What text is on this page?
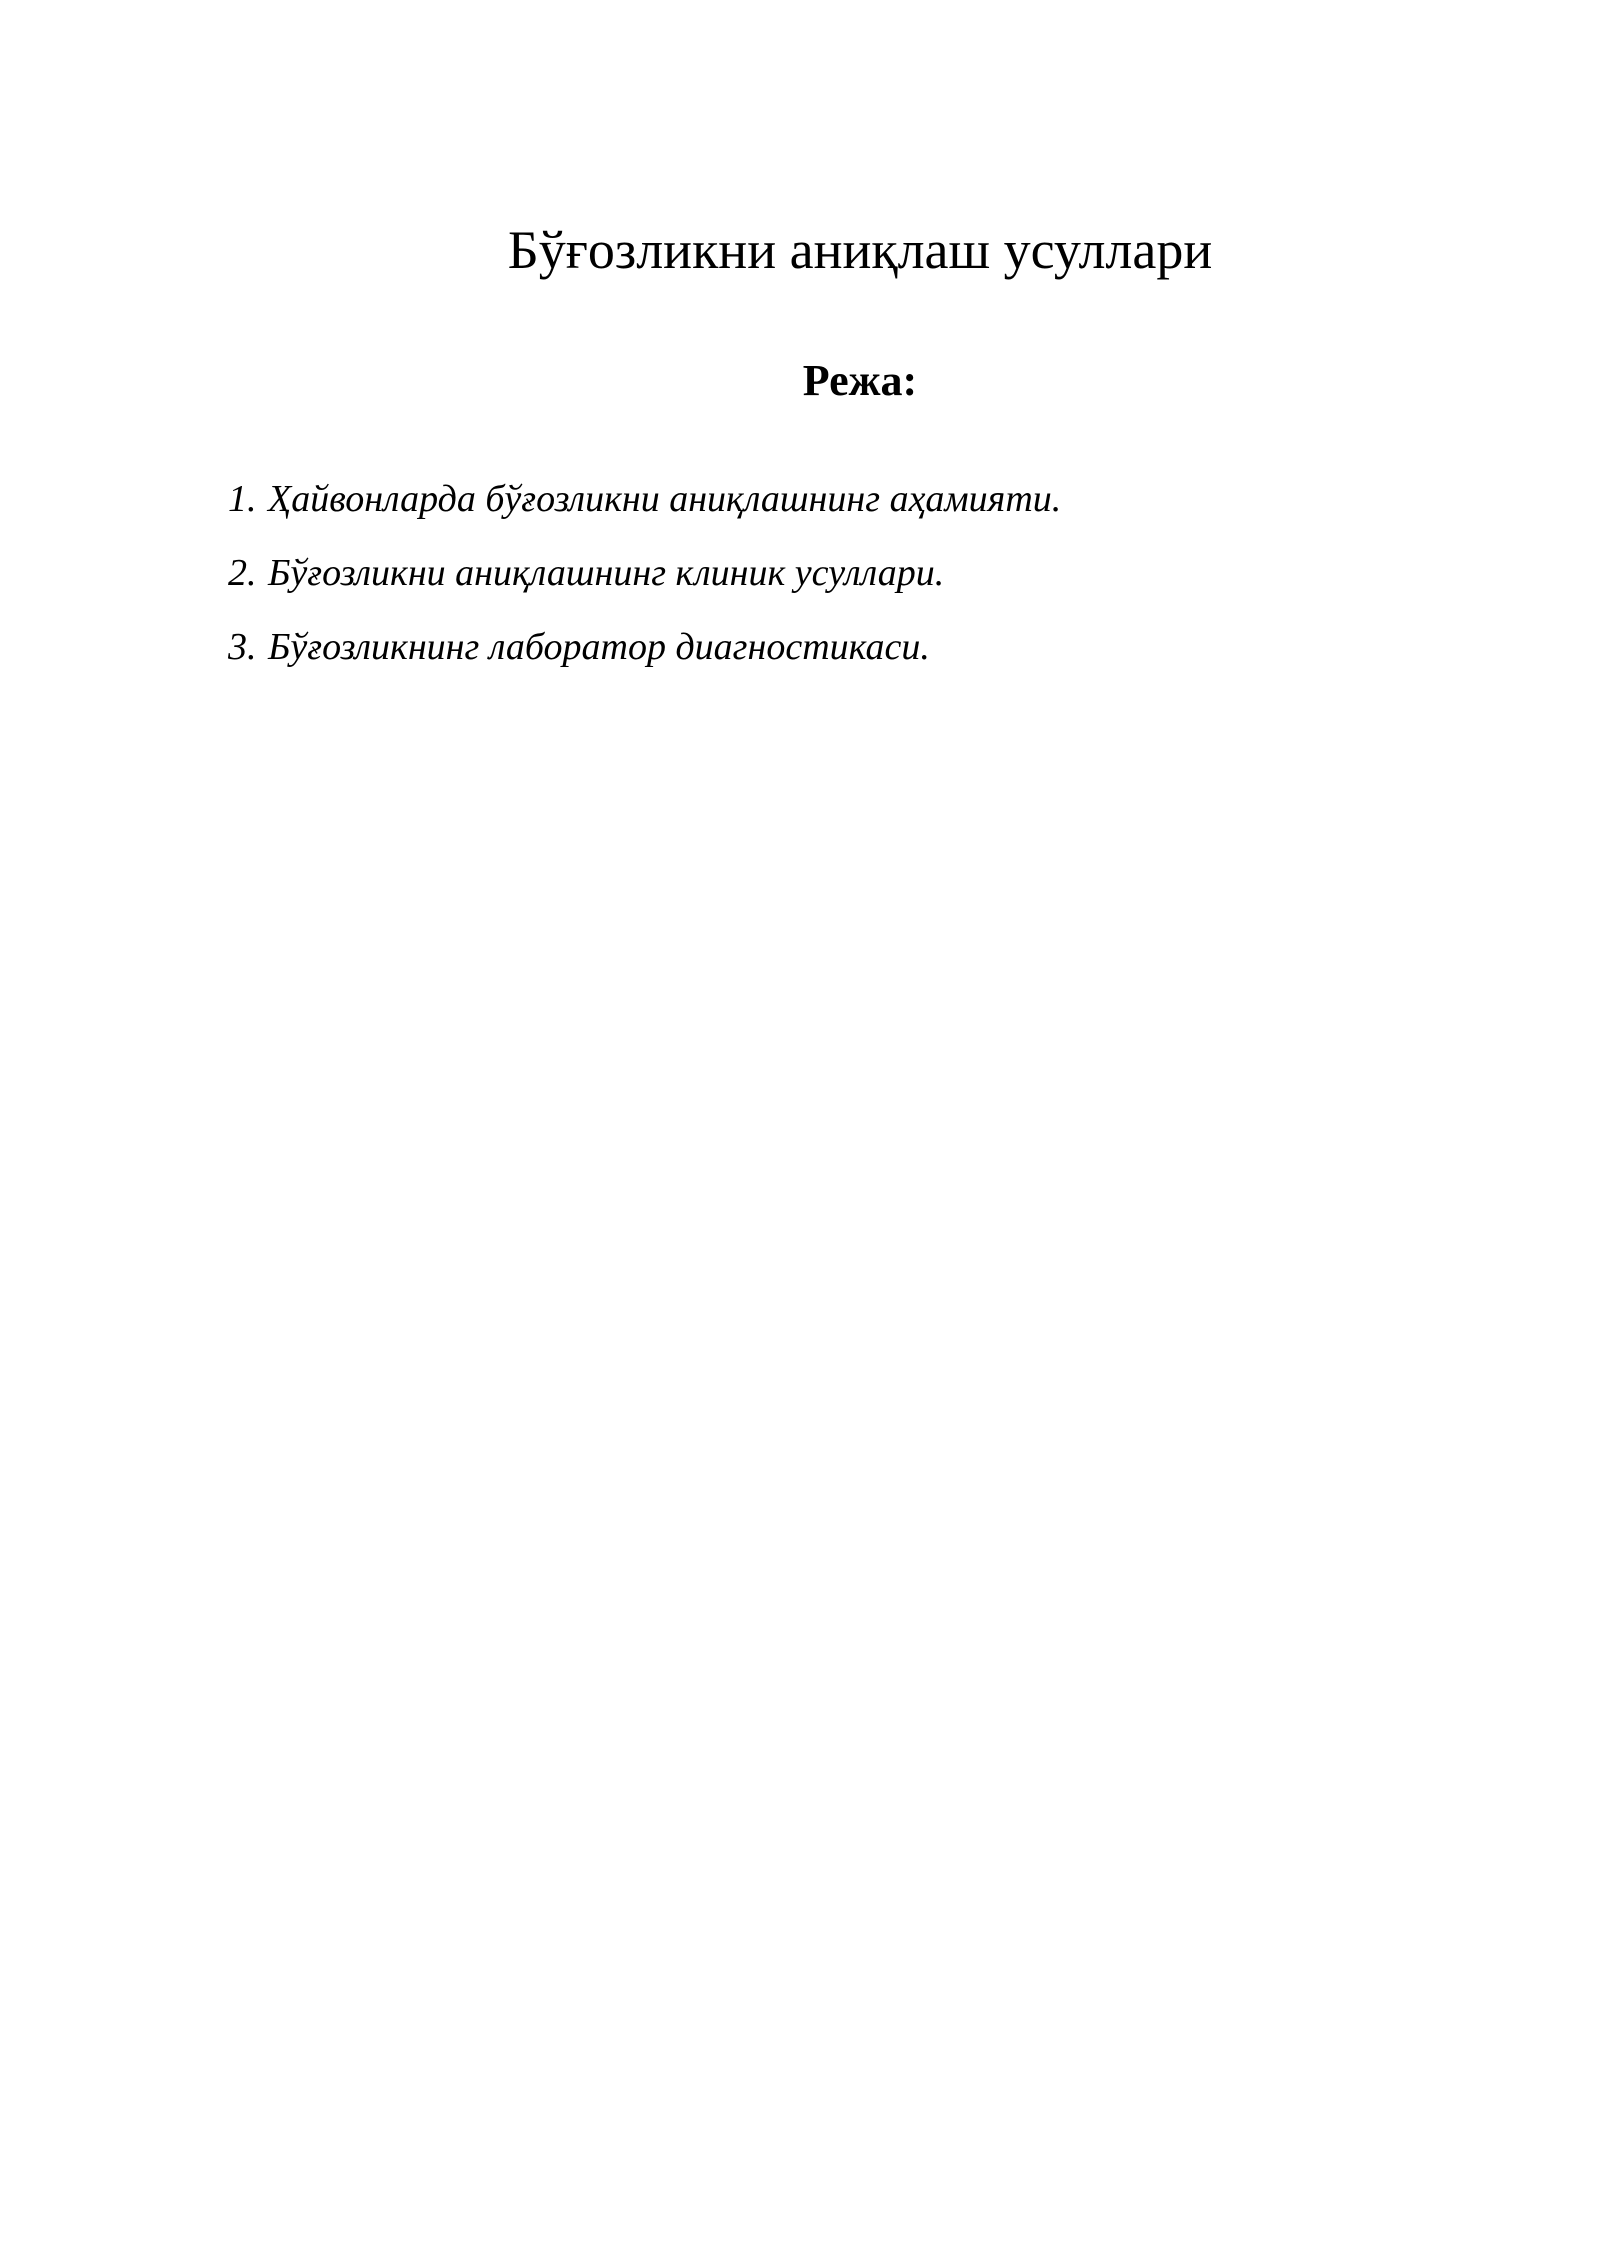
Бўғозликни аниқлаш усуллари
Режа:
1. Ҳайвонларда бўғозликни аниқлашнинг аҳамияти.
2. Бўғозликни аниқлашнинг клиник усуллари.
3. Бўғозликнинг лаборатор диагностикаси.
